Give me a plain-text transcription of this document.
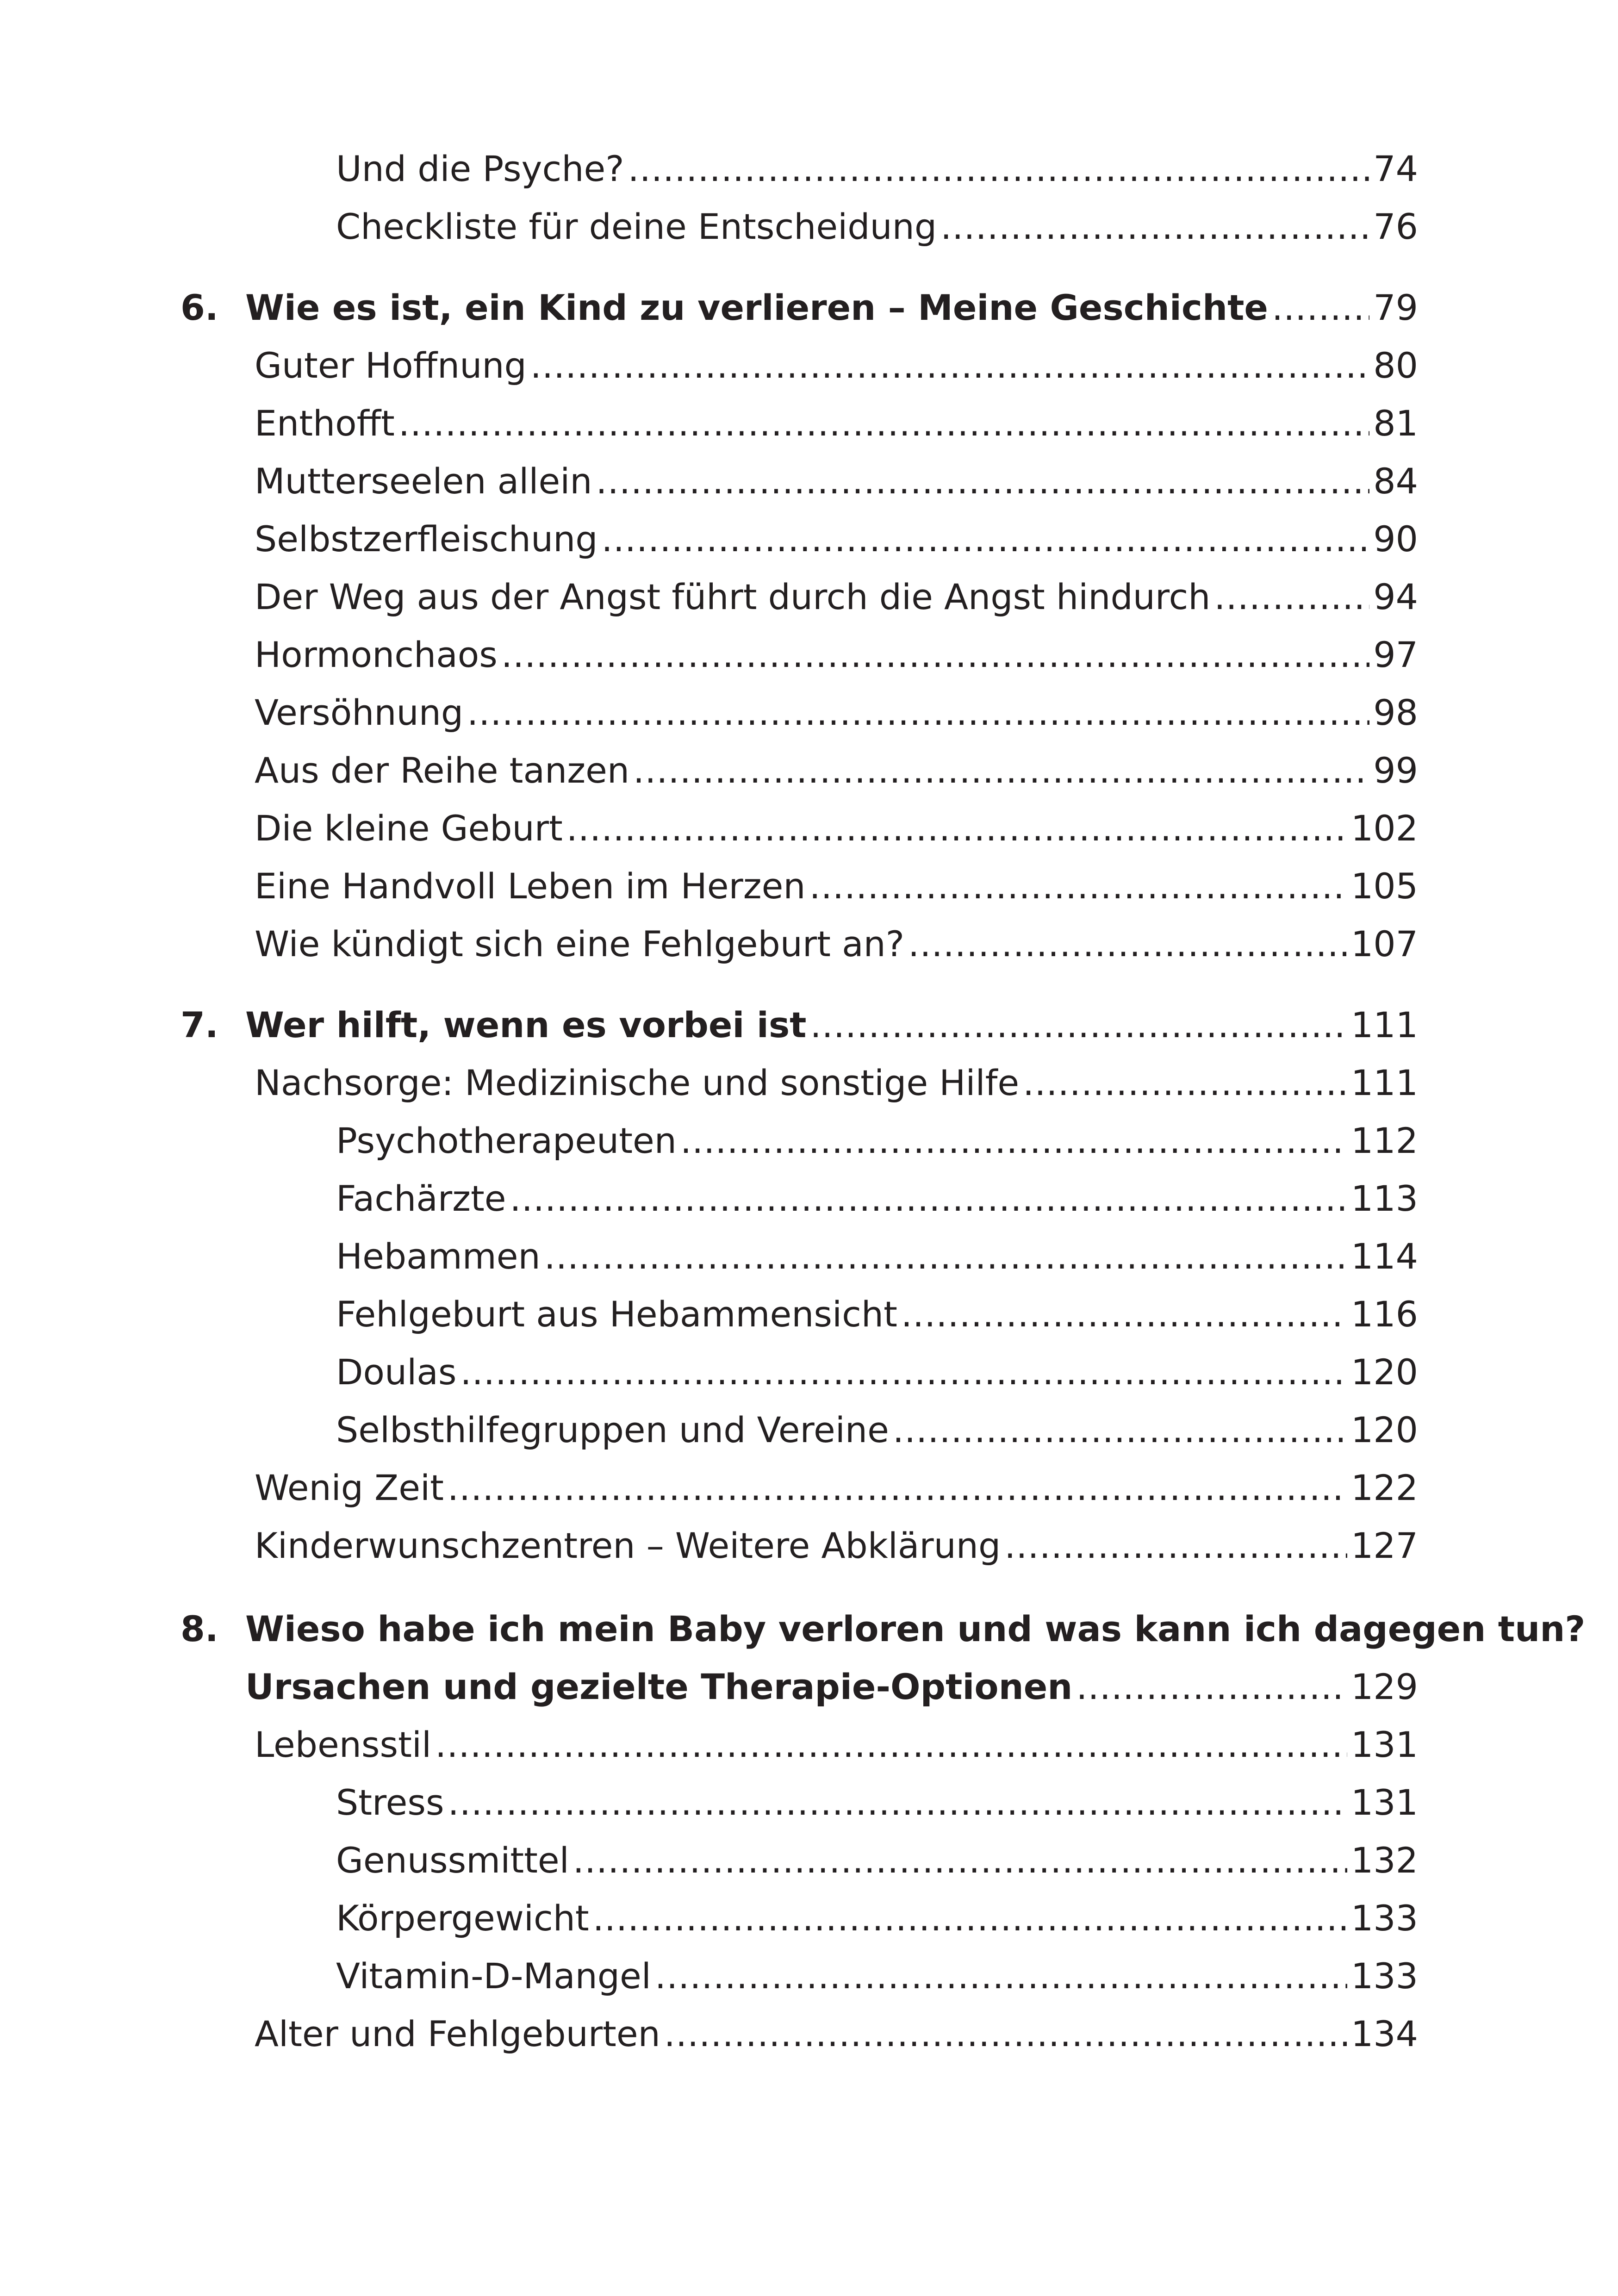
Und die Psyche? .....	74
Checkliste für deine Entscheidung .....	76
6. Wie es ist, ein Kind zu verlieren – Meine Geschichte .....	79
Guter Hoffnung .....	80
Enthofft .....	81
Mutterseelen allein .....	84
Selbstzerfleischung .....	90
Der Weg aus der Angst führt durch die Angst hindurch .....	94
Hormonchaos .....	97
Versöhnung .....	98
Aus der Reihe tanzen .....	99
Die kleine Geburt .....	102
Eine Handvoll Leben im Herzen .....	105
Wie kündigt sich eine Fehlgeburt an? .....	107
7. Wer hilft, wenn es vorbei ist .....	111
Nachsorge: Medizinische und sonstige Hilfe .....	111
Psychotherapeuten .....	112
Fachärzte .....	113
Hebammen .....	114
Fehlgeburt aus Hebammensicht .....	116
Doulas .....	120
Selbsthilfegruppen und Vereine .....	120
Wenig Zeit .....	122
Kinderwunschzentren – Weitere Abklärung .....	127
8. Wieso habe ich mein Baby verloren und was kann ich dagegen tun?
Ursachen und gezielte Therapie-Optionen .....	129
Lebensstil .....	131
Stress .....	131
Genussmittel .....	132
Körpergewicht .....	133
Vitamin-D-Mangel .....	133
Alter und Fehlgeburten .....	134
